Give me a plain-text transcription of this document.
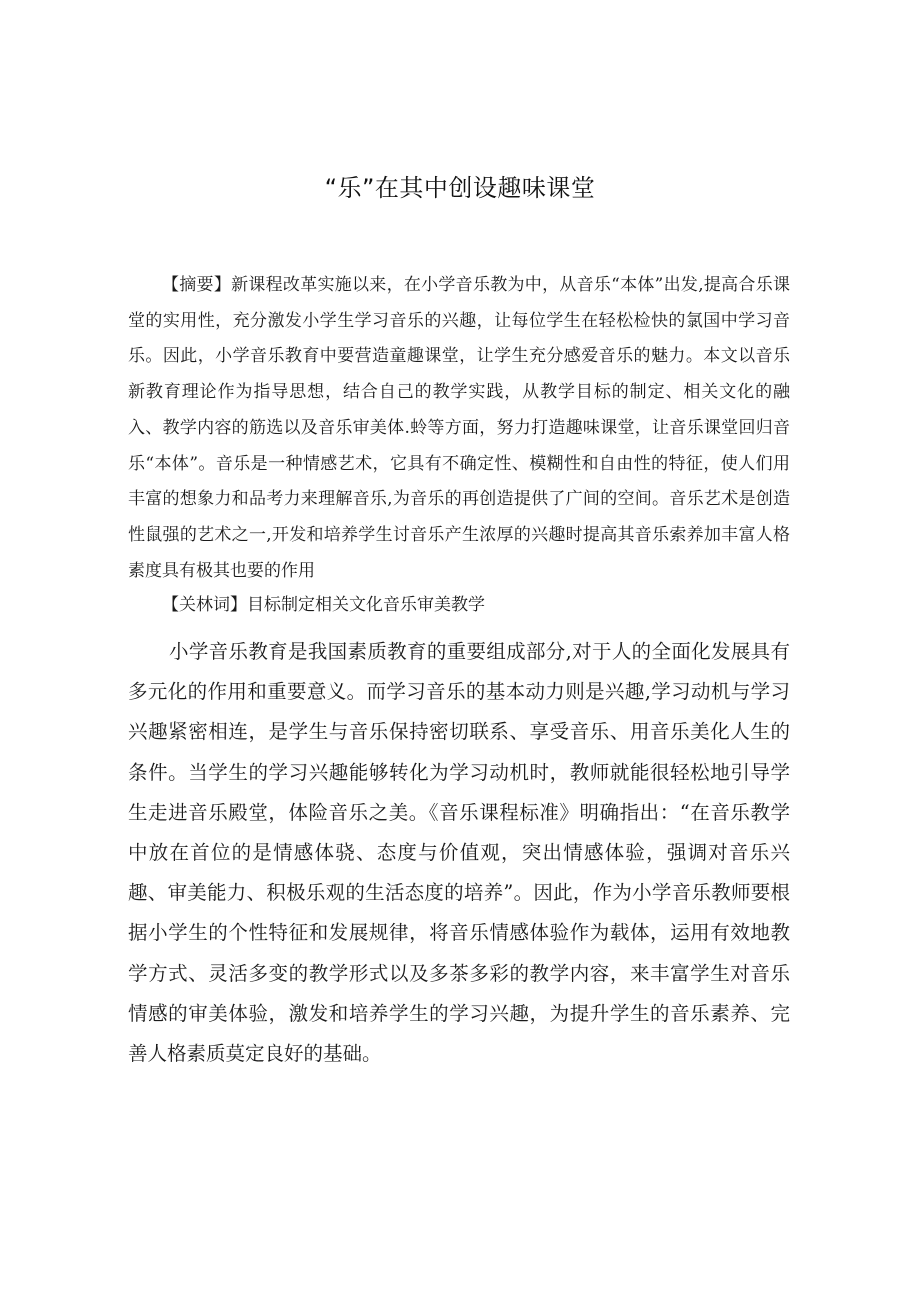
“乐”在其中创设趣味课堂

【摘要】新课程改革实施以来，在小学音乐教为中，从音乐“本体”出发,提高合乐课堂的实用性，充分激发小学生学习音乐的兴趣，让每位学生在轻松检快的氯国中学习音乐。因此，小学音乐教育中要营造童趣课堂，让学生充分感爱音乐的魅力。本文以音乐新教育理论作为指导思想，结合自己的教学实践，从教学目标的制定、相关文化的融入、教学内容的筋选以及音乐审美体.蛉等方面，努力打造趣味课堂，让音乐课堂回归音乐“本体”。音乐是一种情感艺术，它具有不确定性、模糊性和自由性的特征，使人们用丰富的想象力和品考力来理解音乐,为音乐的再创造提供了广间的空间。音乐艺术是创造性鼠强的艺术之一,开发和培养学生讨音乐产生浓厚的兴趣时提高其音乐索养加丰富人格素度具有极其也要的作用

【关林词】目标制定相关文化音乐审美教学

小学音乐教育是我国素质教育的重要组成部分,对于人的全面化发展具有多元化的作用和重要意义。而学习音乐的基本动力则是兴趣,学习动机与学习兴趣紧密相连，是学生与音乐保持密切联系、享受音乐、用音乐美化人生的条件。当学生的学习兴趣能够转化为学习动机时，教师就能很轻松地引导学生走进音乐殿堂，体险音乐之美。《音乐课程标准》明确指出：“在音乐教学中放在首位的是情感体骁、态度与价值观，突出情感体验，强调对音乐兴趣、审美能力、积极乐观的生活态度的培养”。因此，作为小学音乐教师要根据小学生的个性特征和发展规律，将音乐情感体验作为载体，运用有效地教学方式、灵活多变的教学形式以及多茶多彩的教学内容，来丰富学生对音乐情感的审美体验，激发和培养学生的学习兴趣，为提升学生的音乐素养、完善人格素质莫定良好的基础。
